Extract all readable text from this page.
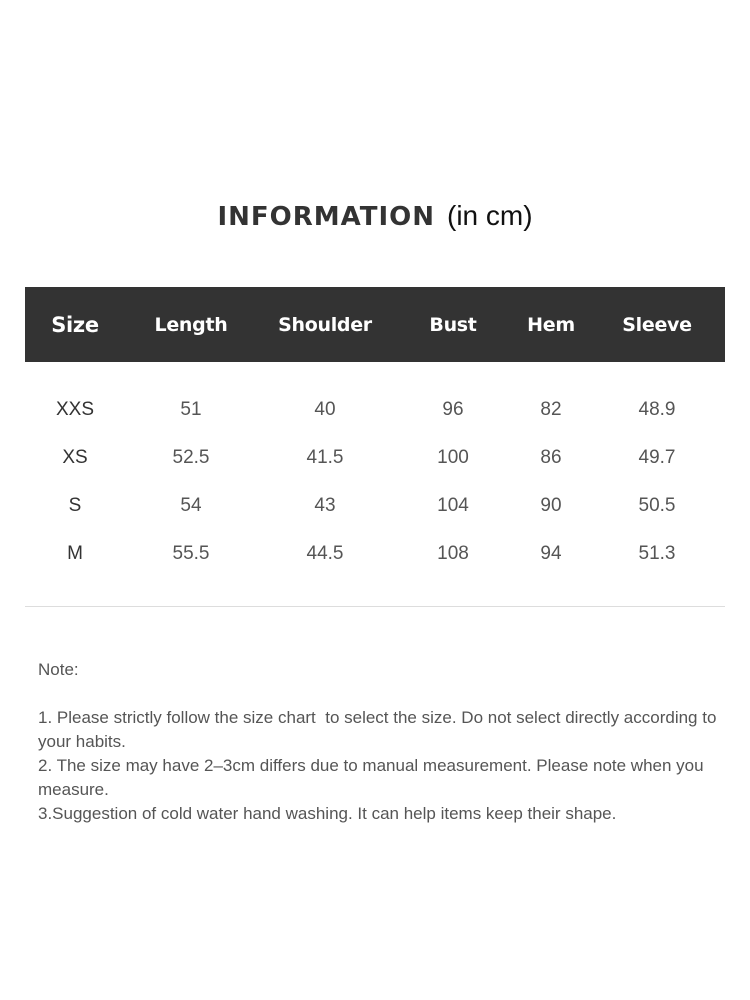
INFORMATION (in cm)
Size	Length	Shoulder	Bust	Hem	Sleeve

XXS	51	40	96	82	48.9
XS	52.5	41.5	100	86	49.7
S	54	43	104	90	50.5
M	55.5	44.5	108	94	51.3

Note:

1. Please strictly follow the size chart  to select the size. Do not select directly according to your habits.

2. The size may have 2–3cm differs due to manual measurement. Please note when you measure.

3.Suggestion of cold water hand washing. It can help items keep their shape.
